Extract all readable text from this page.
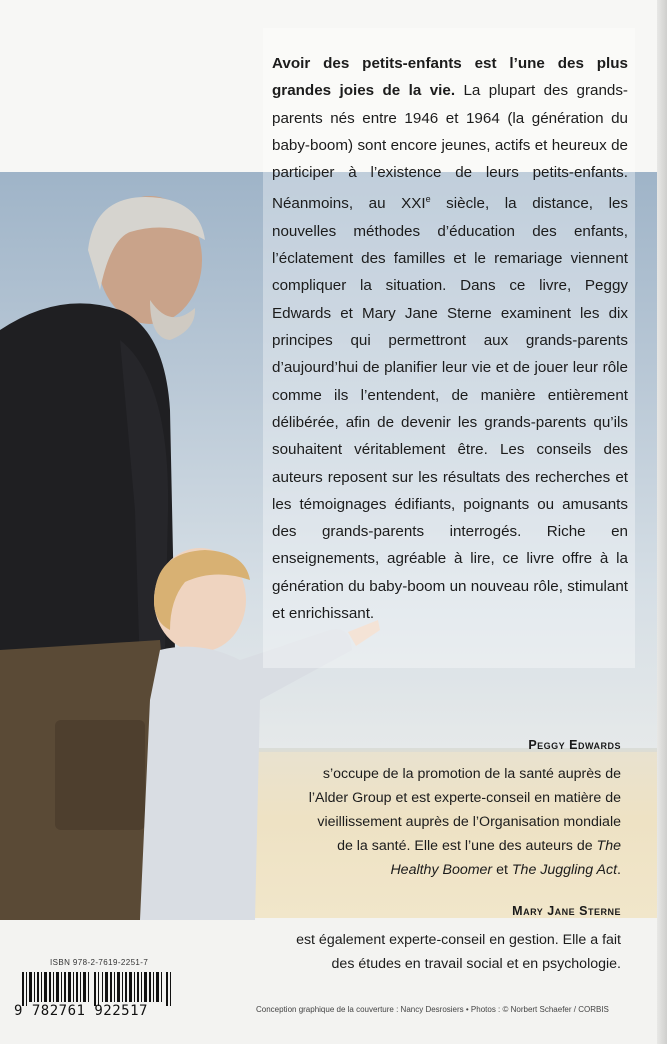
Avoir des petits-enfants est l’une des plus grandes joies de la vie. La plupart des grands-parents nés entre 1946 et 1964 (la génération du baby-boom) sont encore jeunes, actifs et heureux de participer à l’existence de leurs petits-enfants. Néanmoins, au XXIe siècle, la distance, les nouvelles méthodes d’éducation des enfants, l’éclatement des familles et le remariage viennent compliquer la situation. Dans ce livre, Peggy Edwards et Mary Jane Sterne examinent les dix principes qui permettront aux grands-parents d’aujourd’hui de planifier leur vie et de jouer leur rôle comme ils l’entendent, de manière entièrement délibérée, afin de devenir les grands-parents qu’ils souhaitent véritablement être. Les conseils des auteurs reposent sur les résultats des recherches et les témoignages édifiants, poignants ou amusants des grands-parents interrogés. Riche en enseignements, agréable à lire, ce livre offre à la génération du baby-boom un nouveau rôle, stimulant et enrichissant.

Peggy Edwards

s’occupe de la promotion de la santé auprès de l’Alder Group et est experte-conseil en matière de vieillissement auprès de l’Organisation mondiale de la santé. Elle est l’une des auteurs de The Healthy Boomer et The Juggling Act.

Mary Jane Sterne

est également experte-conseil en gestion. Elle a fait des études en travail social et en psychologie.

ISBN 978-2-7619-2251-7
9 782761 922517	Conception graphique de la couverture : Nancy Desrosiers • Photos : © Norbert Schaefer / CORBIS
